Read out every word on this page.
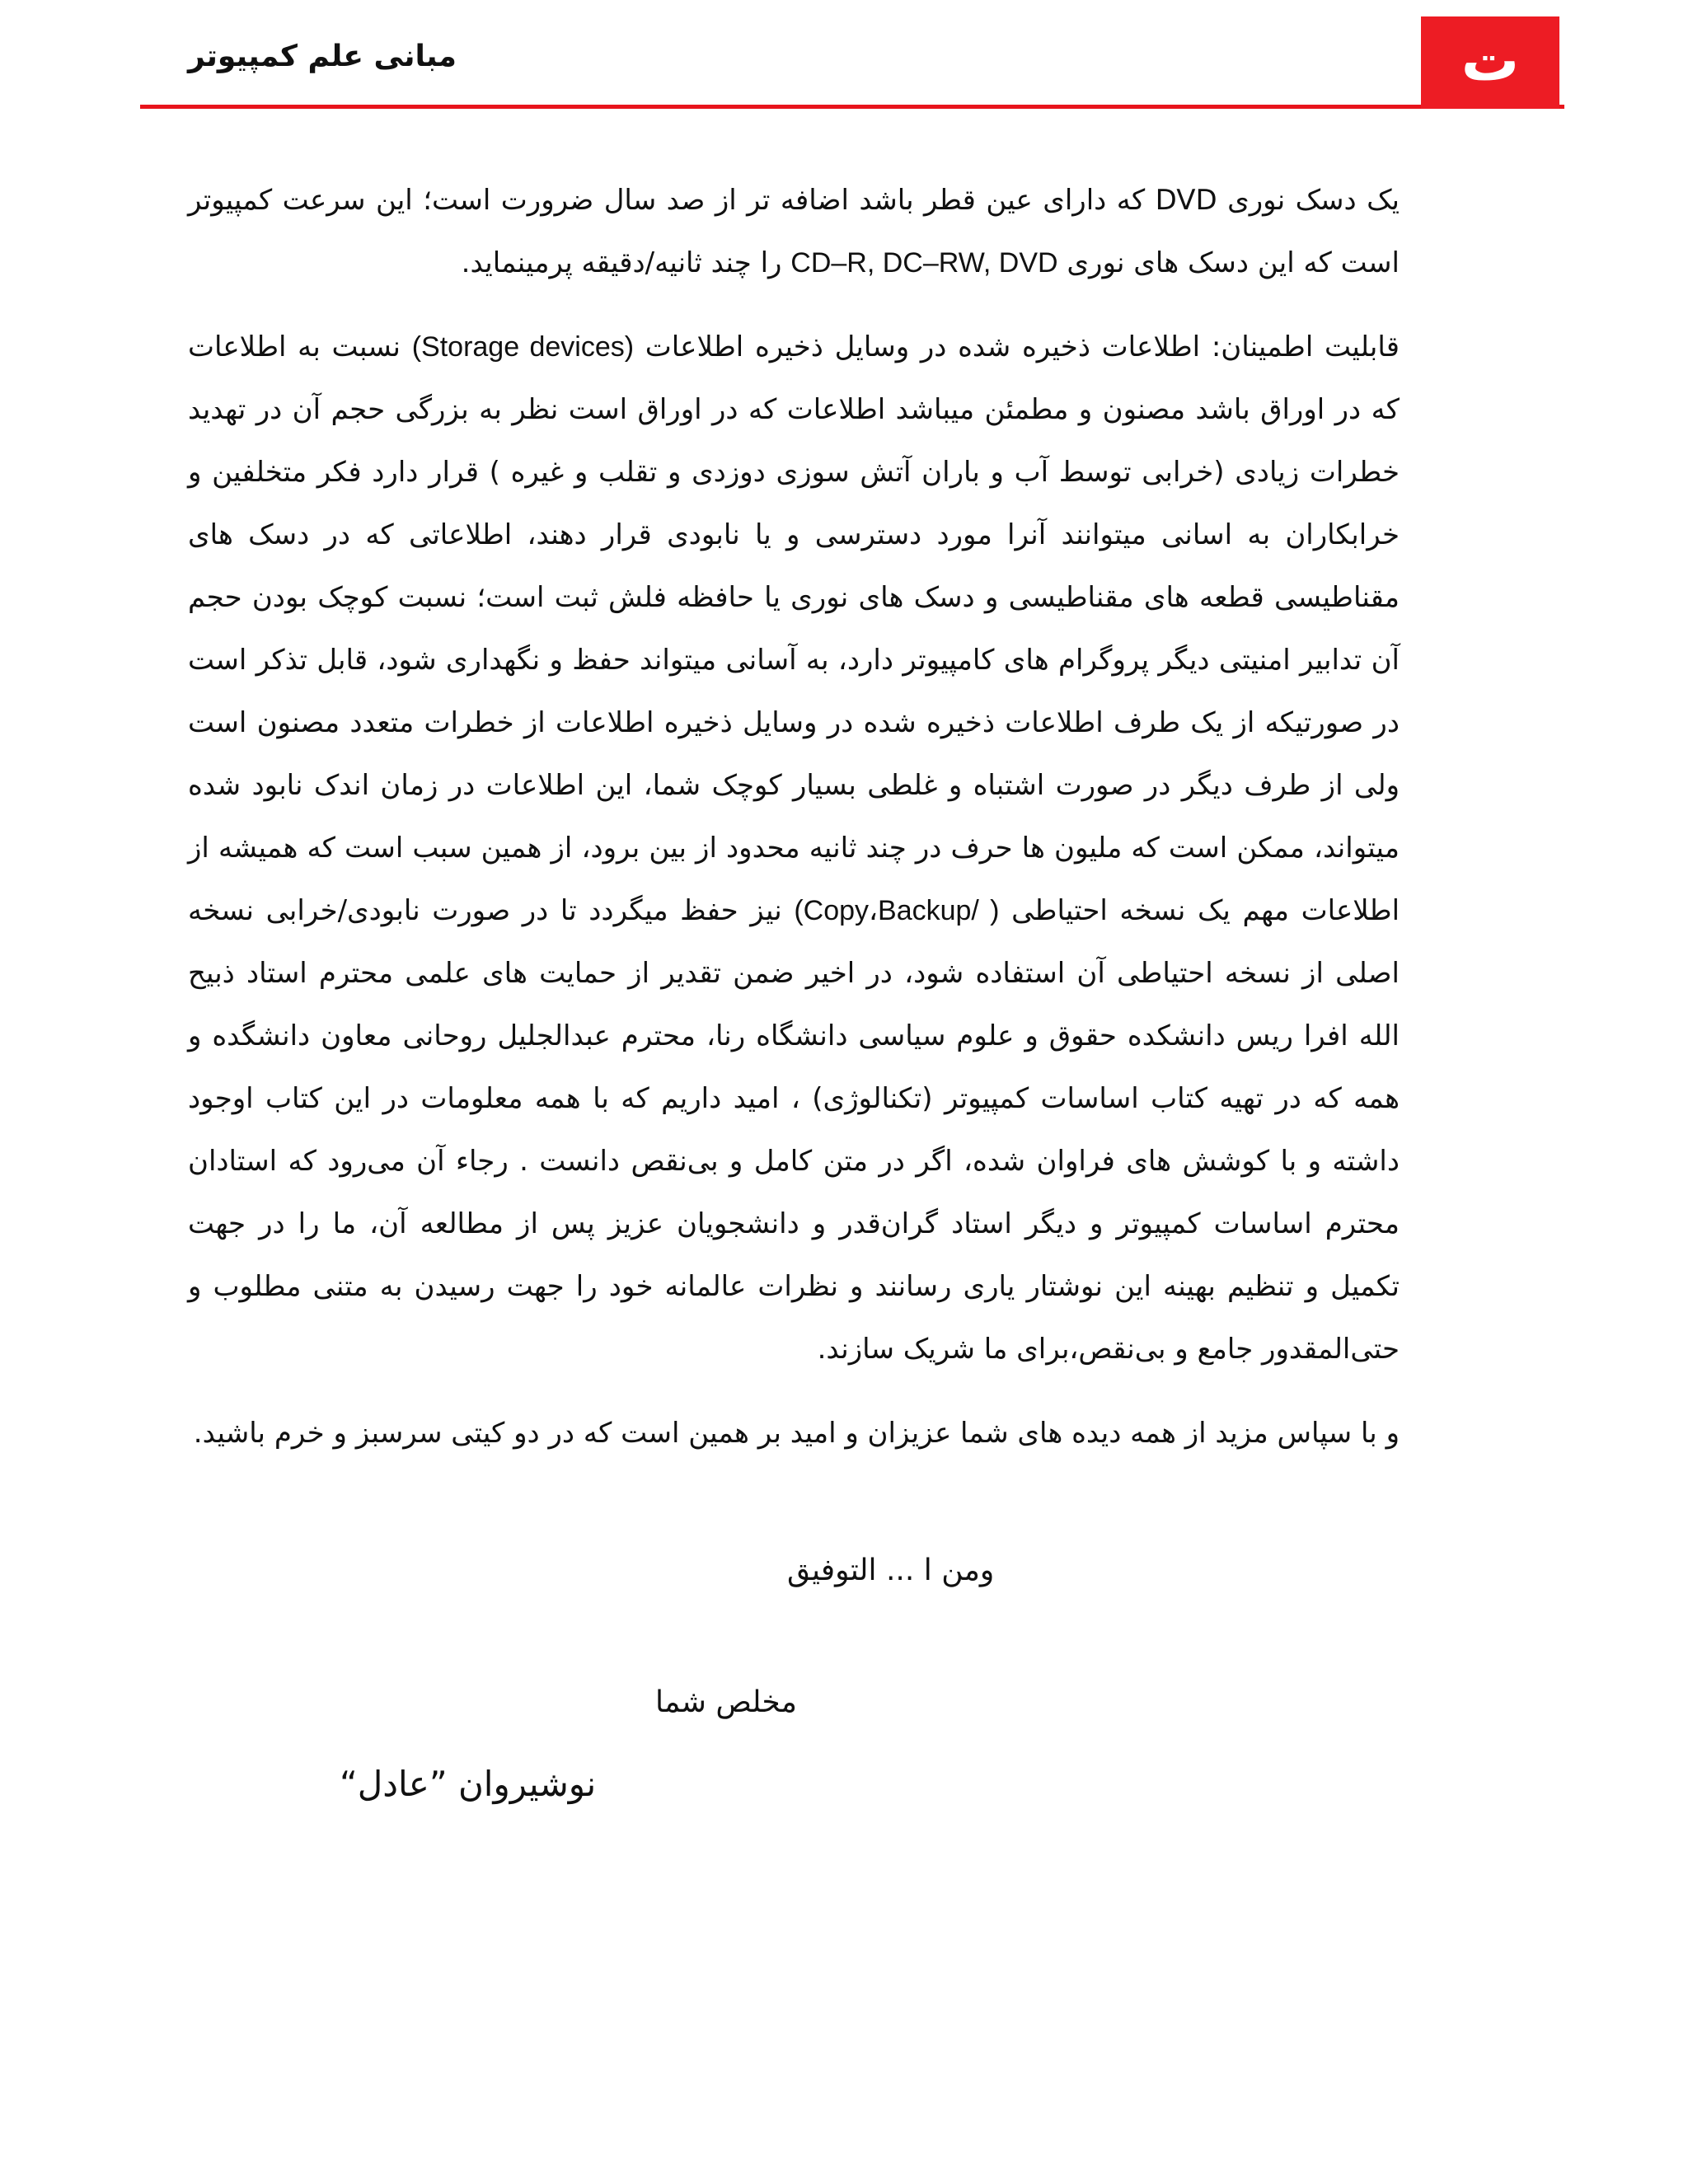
مبانی علم کمپیوتر	ت

یک دسک نوری DVD که دارای عین قطر باشد اضافه تر از صد سال ضرورت است؛ این سرعت کمپیوتر است که این دسک های نوری CD–R, DC–RW, DVD را چند ثانیه/دقیقه پرمینماید.

قابلیت اطمینان: اطلاعات ذخیره شده در وسایل ذخیره اطلاعات (Storage devices) نسبت به اطلاعات که در اوراق باشد مصنون و مطمئن میباشد اطلاعات که در اوراق است نظر به بزرگی حجم آن در تهدید خطرات زیادی (خرابی توسط آب و باران آتش سوزی دوزدی و تقلب و غیره ) قرار دارد فکر متخلفین و خرابکاران به اسانی میتوانند آنرا مورد دسترسی و یا نابودی قرار دهند، اطلاعاتی که در دسک های مقناطیسی قطعه های مقناطیسی و دسک های نوری یا حافظه فلش ثبت است؛ نسبت کوچک بودن حجم آن تدابیر امنیتی دیگر پروگرام های کامپیوتر دارد، به آسانی میتواند حفظ و نگهداری شود، قابل تذکر است در صورتیکه از یک طرف اطلاعات ذخیره شده در وسایل ذخیره اطلاعات از خطرات متعدد مصنون است ولی از طرف دیگر در صورت اشتباه و غلطی بسیار کوچک شما، این اطلاعات در زمان اندک نابود شده میتواند، ممکن است که ملیون ها حرف در چند ثانیه محدود از بین برود، از همین سبب است که همیشه از اطلاعات مهم یک نسخه احتیاطی (Copy،Backup/ ) نیز حفظ میگردد تا در صورت نابودی/خرابی نسخه اصلی از نسخه احتیاطی آن استفاده شود، در اخیر ضمن تقدیر از حمایت های علمی محترم استاد ذبیح الله افرا ریس دانشکده حقوق و علوم سیاسی دانشگاه رنا، محترم عبدالجلیل روحانی معاون دانشگده و همه که در تهیه کتاب اساسات کمپیوتر (تکنالوژی) ، امید داریم که با همه معلومات در این کتاب اوجود داشته و با کوشش های فراوان شده، اگر در متن کامل و بی‌نقص دانست . رجاء آن می‌رود که استادان محترم اساسات کمپیوتر و دیگر استاد گران‌قدر و دانشجویان عزیز پس از مطالعه آن، ما را در جهت تکمیل و تنظیم بهینه این نوشتار یاری رسانند و نظرات عالمانه خود را جهت رسیدن به متنی مطلوب و حتی‌المقدور جامع و بی‌نقص،برای ما شریک سازند.

و با سپاس مزید از همه دیده های شما عزیزان و امید بر همین است که در دو کیتی سرسبز و خرم باشید.

ومن ا ... التوفیق
مخلص شما
نوشیروان ”عادل“
